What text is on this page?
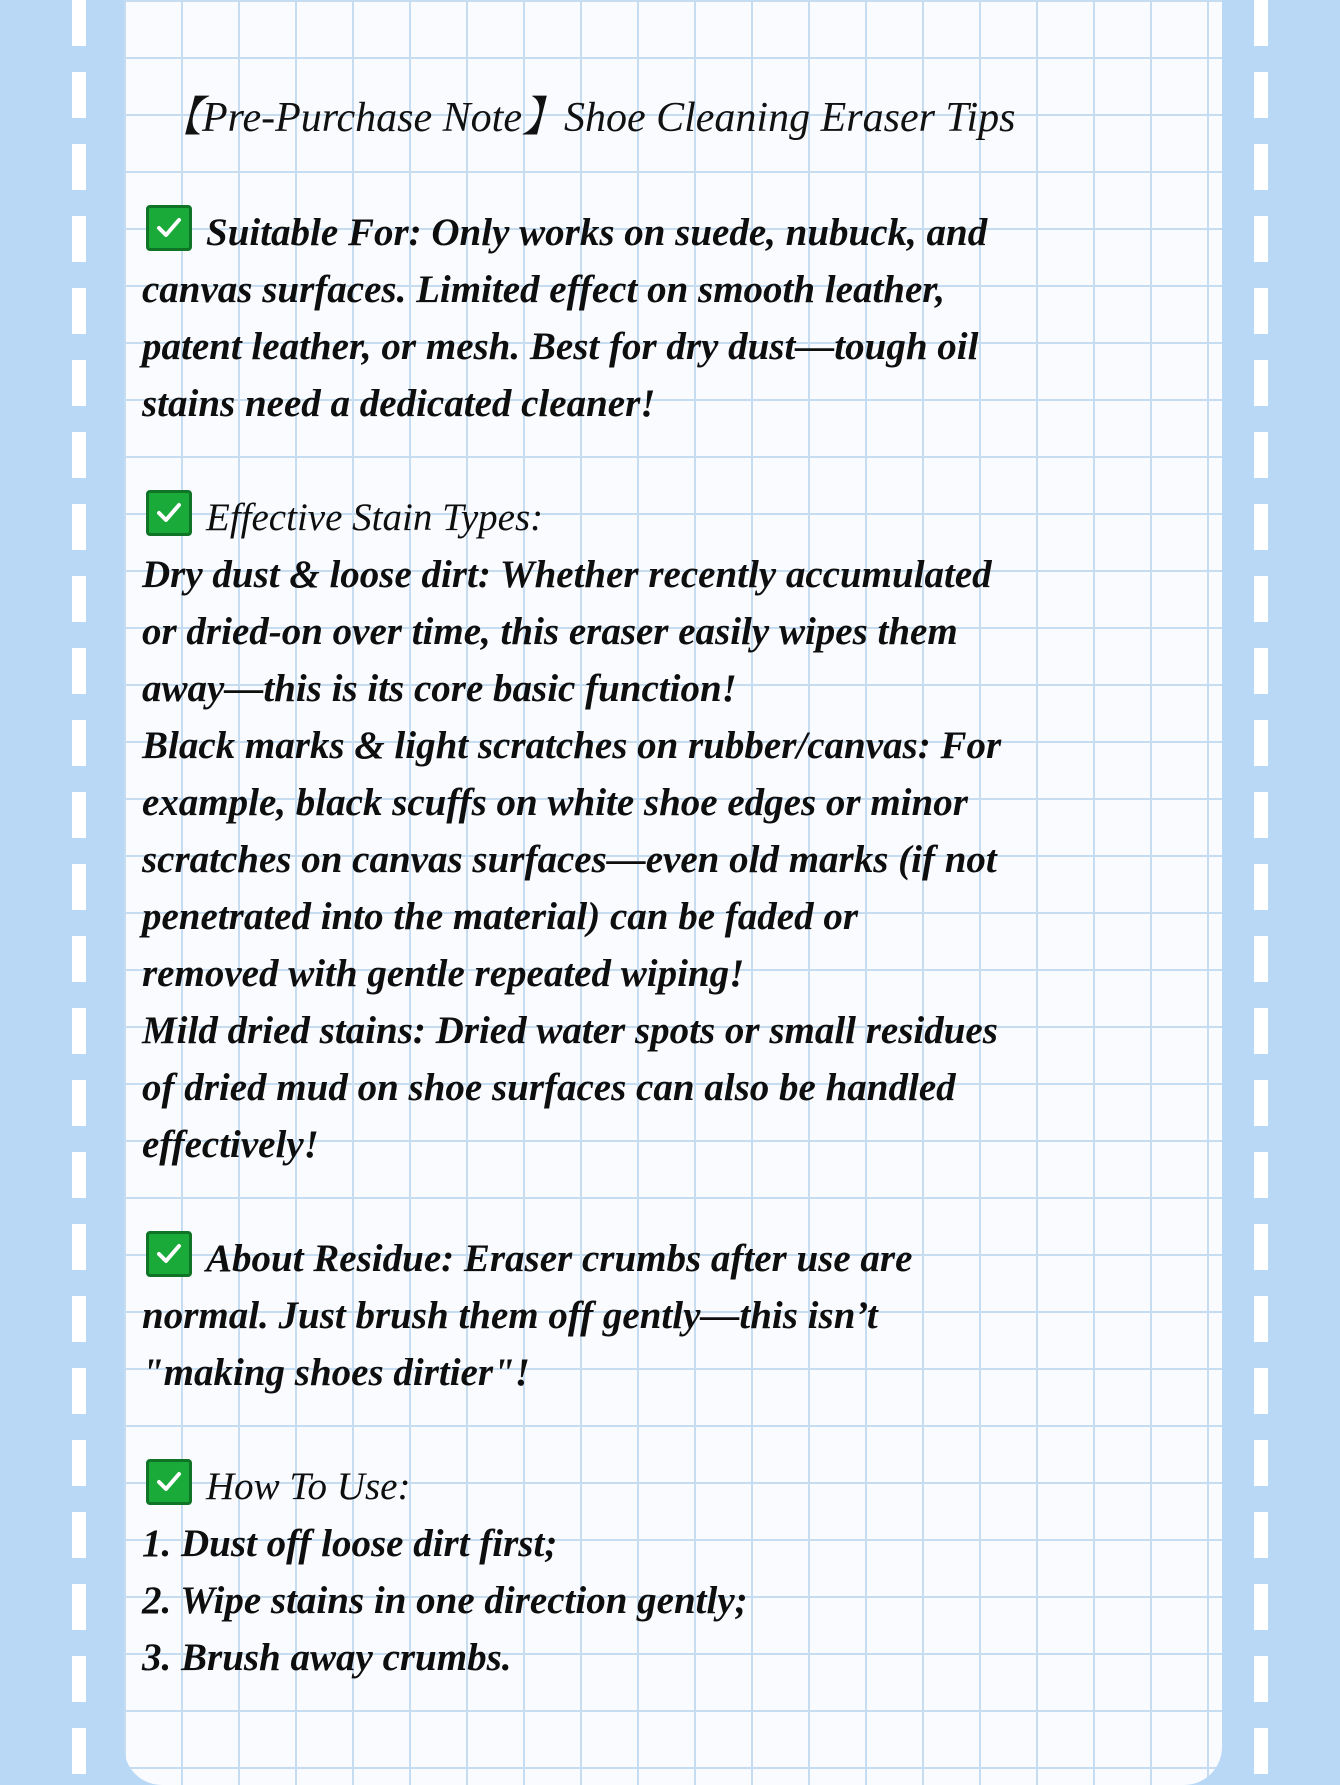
【Pre-Purchase Note】Shoe Cleaning Eraser Tips
Suitable For: Only works on suede, nubuck, and
canvas surfaces. Limited effect on smooth leather,
patent leather, or mesh. Best for dry dust—tough oil
stains need a dedicated cleaner!
Effective Stain Types:
Dry dust & loose dirt: Whether recently accumulated
or dried-on over time, this eraser easily wipes them
away—this is its core basic function!
Black marks & light scratches on rubber/canvas: For
example, black scuffs on white shoe edges or minor
scratches on canvas surfaces—even old marks (if not
penetrated into the material) can be faded or
removed with gentle repeated wiping!
Mild dried stains: Dried water spots or small residues
of dried mud on shoe surfaces can also be handled
effectively!
About Residue: Eraser crumbs after use are
normal. Just brush them off gently—this isn’t
"making shoes dirtier"!
How To Use:
1. Dust off loose dirt first;
2. Wipe stains in one direction gently;
3. Brush away crumbs.
